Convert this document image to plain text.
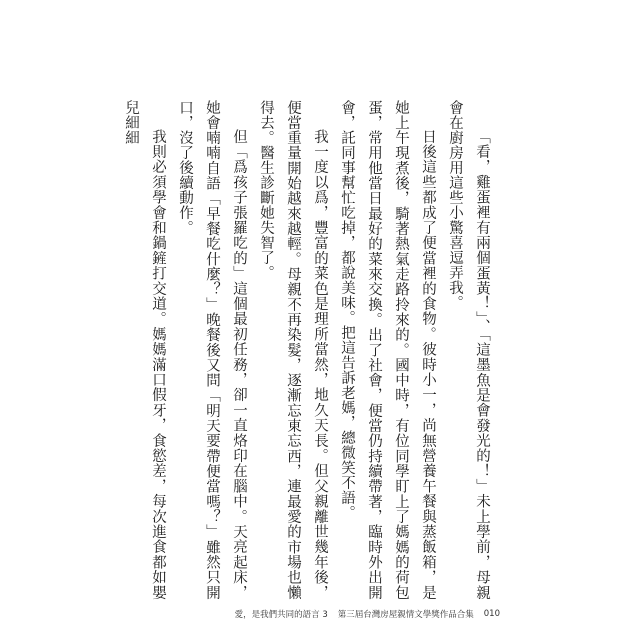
「看，雞蛋裡有兩個蛋黃！」、「這墨魚是會發光的！」未上學前，母親會在廚房用這些小驚喜逗弄我。

日後這些都成了便當裡的食物。彼時小一，尚無營養午餐與蒸飯箱，是她上午現煮後，騎著熱氣走路拎來的。國中時，有位同學盯上了媽媽的荷包蛋，常用他當日最好的菜來交換。出了社會，便當仍持續帶著，臨時外出開會，託同事幫忙吃掉，都說美味。把這告訴老媽，總微笑不語。

我一度以爲，豐富的菜色是理所當然，地久天長。但父親離世幾年後，便當重量開始越來越輕。母親不再染髮，逐漸忘東忘西，連最愛的市場也懶得去。醫生診斷她失智了。

但「爲孩子張羅吃的」這個最初任務，卻一直烙印在腦中。天亮起床，她會喃喃自語「早餐吃什麼？」晚餐後又問「明天要帶便當嗎？」雖然只開口，沒了後續動作。

我則必須學會和鍋鏟打交道。媽媽滿口假牙，食慾差，每次進食都如嬰兒細細

愛，是我們共同的語言 3 第三屆台灣房屋親情文學獎作品合集 010
